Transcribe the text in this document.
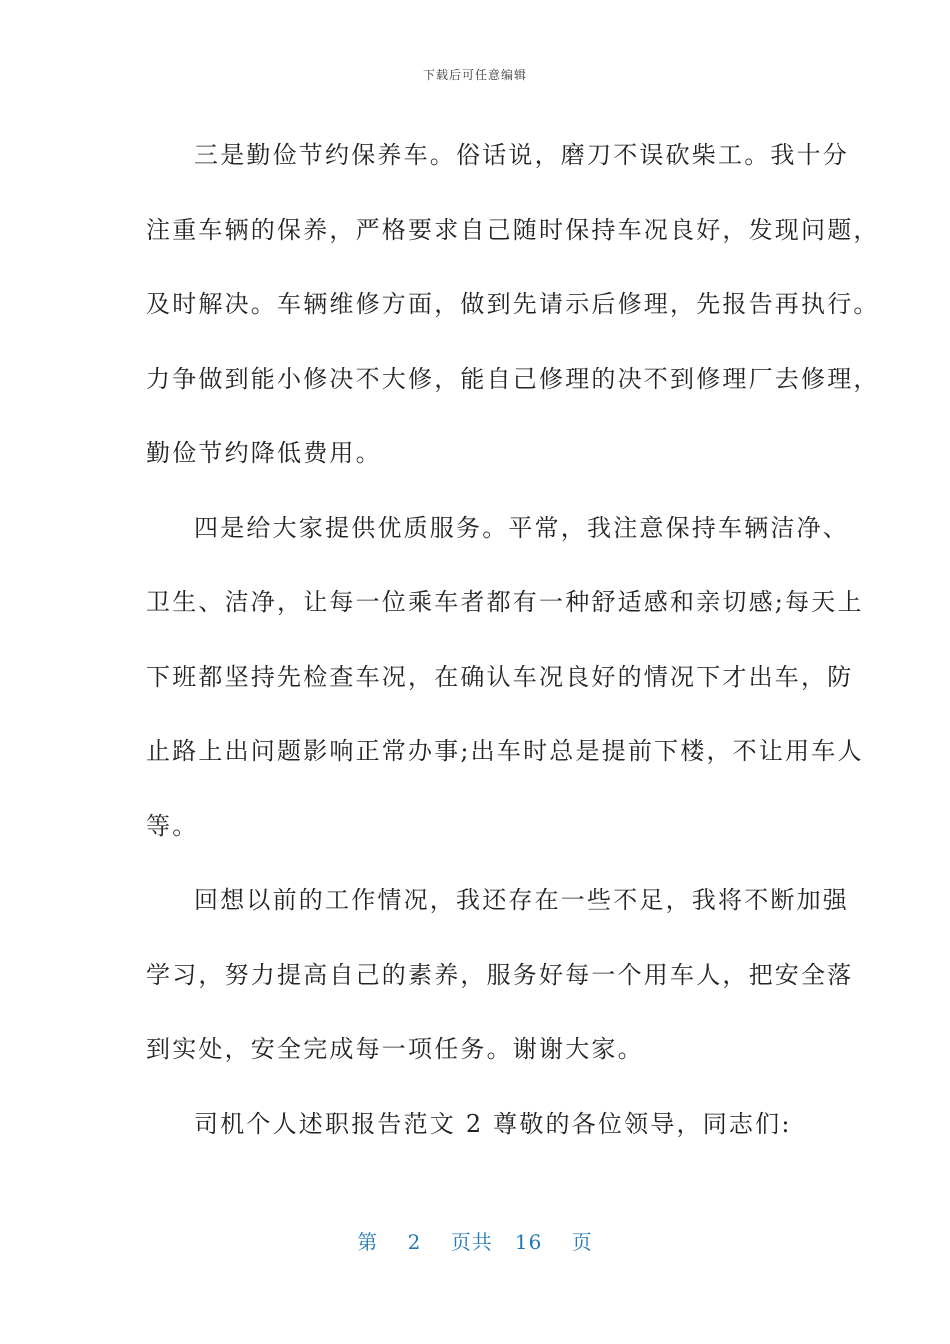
下载后可任意编辑
三是勤俭节约保养车。俗话说，磨刀不误砍柴工。我十分
注重车辆的保养，严格要求自己随时保持车况良好，发现问题，
及时解决。车辆维修方面，做到先请示后修理，先报告再执行。
力争做到能小修决不大修，能自己修理的决不到修理厂去修理，
勤俭节约降低费用。
四是给大家提供优质服务。平常，我注意保持车辆洁净、
卫生、洁净，让每一位乘车者都有一种舒适感和亲切感;每天上
下班都坚持先检查车况，在确认车况良好的情况下才出车，防
止路上出问题影响正常办事;出车时总是提前下楼，不让用车人
等。
回想以前的工作情况，我还存在一些不足，我将不断加强
学习，努力提高自己的素养，服务好每一个用车人，把安全落
到实处，安全完成每一项任务。谢谢大家。
司机个人述职报告范文 2 尊敬的各位领导，同志们:
第 2 页共 16 页
